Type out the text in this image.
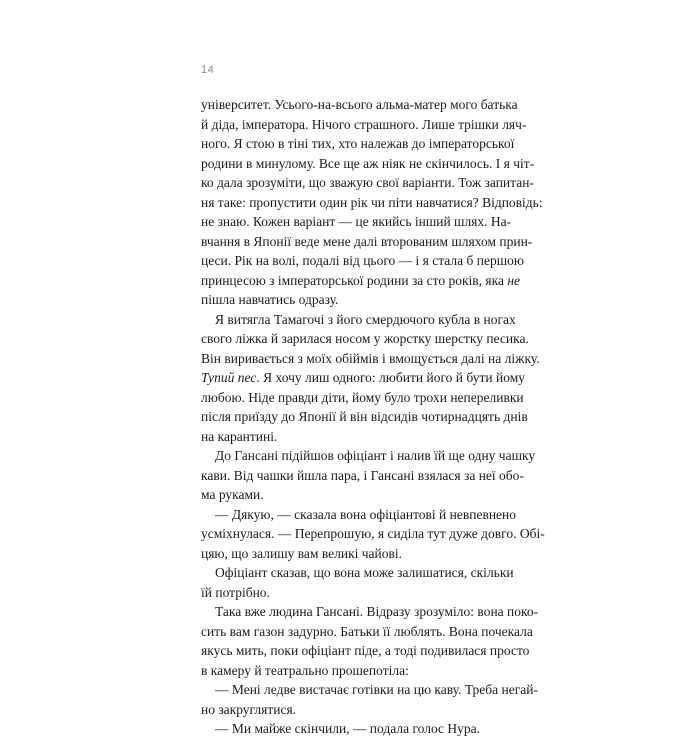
14

університет. Усього-на-всього альма-матер мого батька
й діда, імператора. Нічого страшного. Лише трішки ляч-
ного. Я стою в тіні тих, хто належав до імператорської
родини в минулому. Все ще аж ніяк не скінчилось. І я чіт-
ко дала зрозуміти, що зважую свої варіанти. Тож запитан-
ня таке: пропустити один рік чи піти навчатися? Відповідь:
не знаю. Кожен варіант — це якийсь інший шлях. На-
вчання в Японії веде мене далі второваним шляхом прин-
цеси. Рік на волі, подалі від цього — і я стала б першою
принцесою з імператорської родини за сто років, яка не
пішла навчатись одразу.

Я витягла Тамагочі з його смердючого кубла в ногах
свого ліжка й зарилася носом у жорстку шерстку песика.
Він виривається з моїх обіймів і вмощується далі на ліжку.
Тупий пес. Я хочу лиш одного: любити його й бути йому
любою. Ніде правди діти, йому було трохи непереливки
після приїзду до Японії й він відсидів чотирнадцять днів
на карантині.

До Гансані підійшов офіціант і налив їй ще одну чашку
кави. Від чашки йшла пара, і Гансані взялася за неї обо-
ма руками.

— Дякую, — сказала вона офіціантові й невпевнено
усміхнулася. — Перепрошую, я сиділа тут дуже довго. Обі-
цяю, що залишу вам великі чайові.

Офіціант сказав, що вона може залишатися, скільки
їй потрібно.

Така вже людина Гансані. Відразу зрозуміло: вона поко-
сить вам газон задурно. Батьки її люблять. Вона почекала
якусь мить, поки офіціант піде, а тоді подивилася просто
в камеру й театрально прошепотіла:

— Мені ледве вистачає готівки на цю каву. Треба негай-
но закруглятися.

— Ми майже скінчили, — подала голос Нура.
